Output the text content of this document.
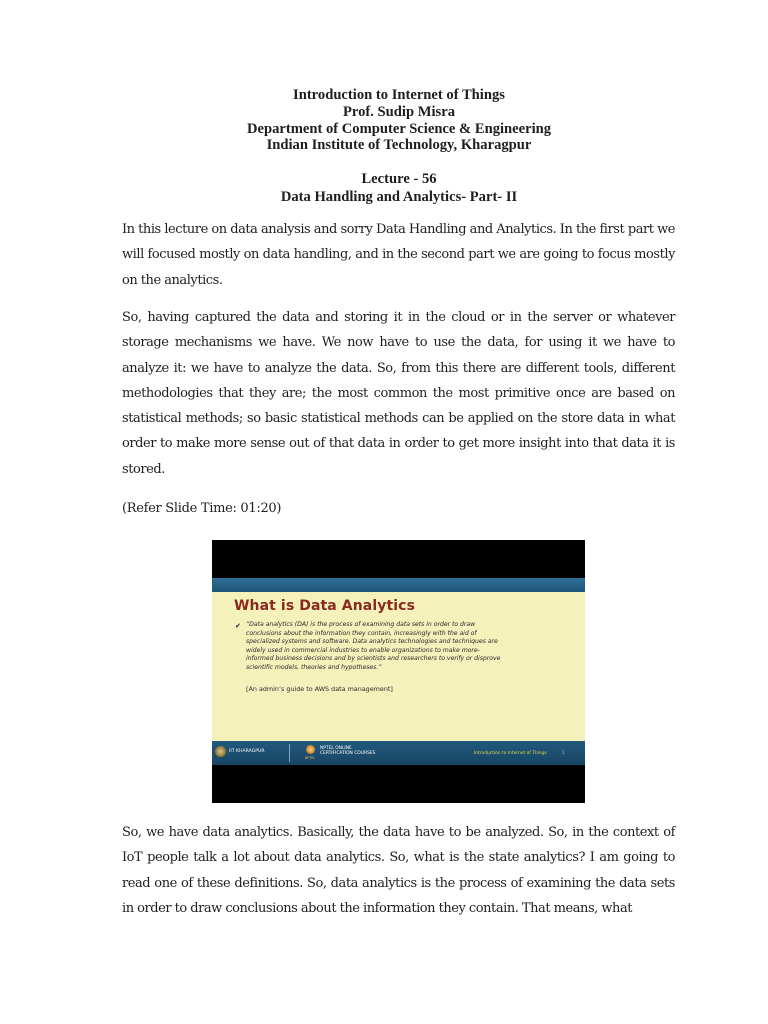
Introduction to Internet of Things
Prof. Sudip Misra
Department of Computer Science & Engineering
Indian Institute of Technology, Kharagpur
Lecture - 56
Data Handling and Analytics- Part- II

In this lecture on data analysis and sorry Data Handling and Analytics. In the first part we will focused mostly on data handling, and in the second part we are going to focus mostly on the analytics.

So, having captured the data and storing it in the cloud or in the server or whatever storage mechanisms we have. We now have to use the data, for using it we have to analyze it: we have to analyze the data. So, from this there are different tools, different methodologies that they are; the most common the most primitive once are based on statistical methods; so basic statistical methods can be applied on the store data in what order to make more sense out of that data in order to get more insight into that data it is stored.

(Refer Slide Time: 01:20)
What is Data Analytics
✔ “Data analytics (DA) is the process of examining data sets in order to draw
conclusions about the information they contain, increasingly with the aid of
specialized systems and software. Data analytics technologies and techniques are
widely used in commercial industries to enable organizations to make more-
informed business decisions and by scientists and researchers to verify or disprove
scientific models, theories and hypotheses.”
[An admin’s guide to AWS data management]
IIT KHARAGPUR
NPTEL
NPTEL ONLINE
CERTIFICATION COURSES	Introduction to Internet of Things	1

So, we have data analytics. Basically, the data have to be analyzed. So, in the context of IoT people talk a lot about data analytics. So, what is the state analytics? I am going to read one of these definitions. So, data analytics is the process of examining the data sets in order to draw conclusions about the information they contain. That means, what
